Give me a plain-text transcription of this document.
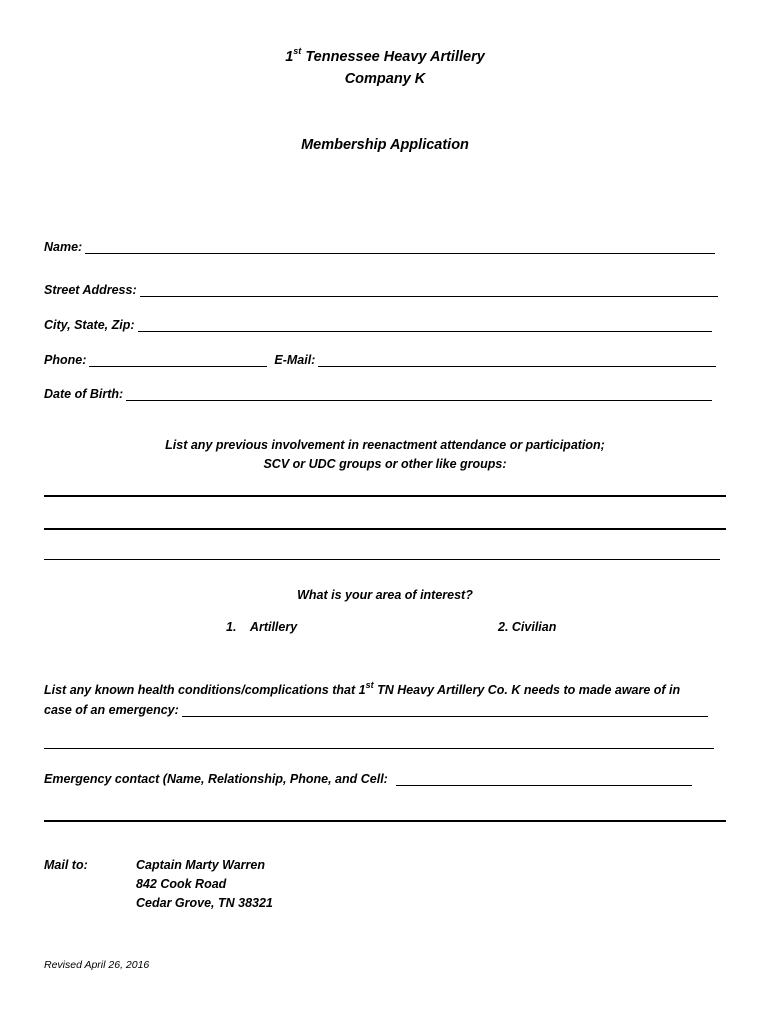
1st Tennessee Heavy Artillery
Company K
Membership Application
Name:
Street Address:
City, State, Zip:
Phone:	E-Mail:
Date of Birth:
List any previous involvement in reenactment attendance or participation;
SCV or UDC groups or other like groups:
What is your area of interest?
1. Artillery	2. Civilian
List any known health conditions/complications that 1st TN Heavy Artillery Co. K needs to made aware of in
case of an emergency:
Emergency contact (Name, Relationship, Phone, and Cell:
Mail to:	Captain Marty Warren
842 Cook Road
Cedar Grove, TN 38321
Revised April 26, 2016
